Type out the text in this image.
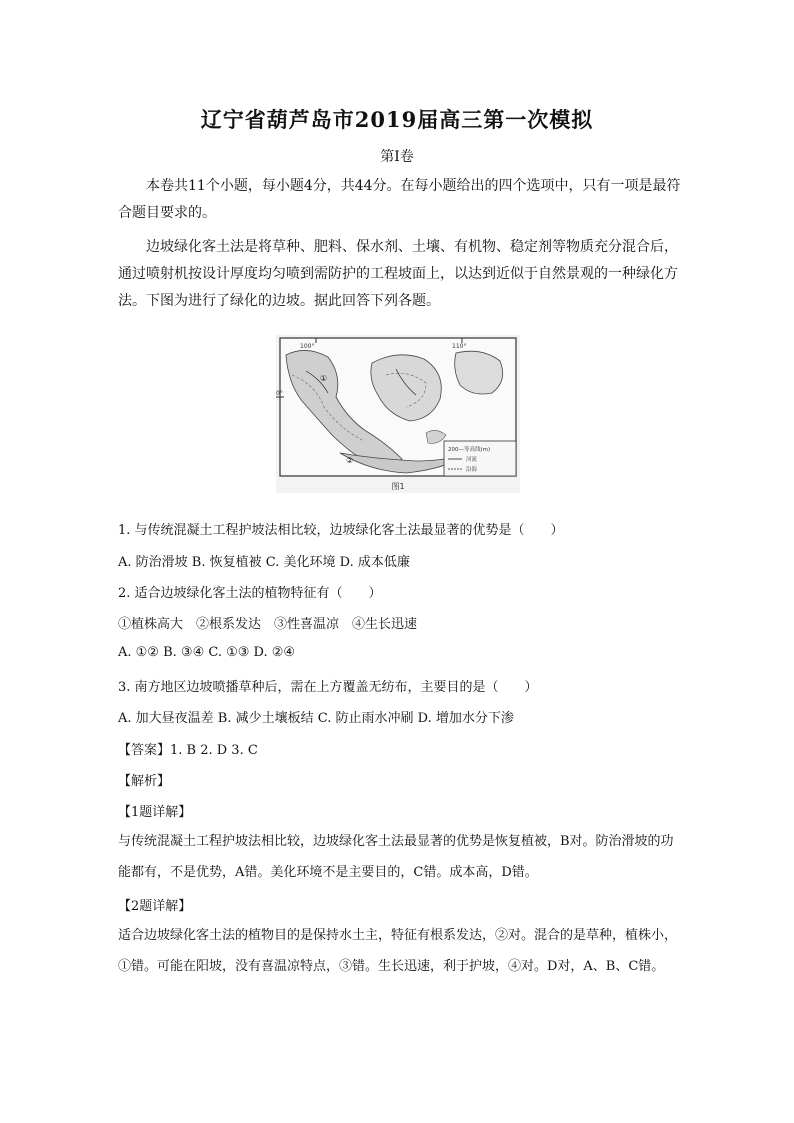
辽宁省葫芦岛市2019届高三第一次模拟
第Ⅰ卷
本卷共11个小题，每小题4分，共44分。在每小题给出的四个选项中，只有一项是最符合题目要求的。
边坡绿化客土法是将草种、肥料、保水剂、土壤、有机物、稳定剂等物质充分混合后，通过喷射机按设计厚度均匀喷到需防护的工程坡面上，以达到近似于自然景观的一种绿化方法。下图为进行了绿化的边坡。据此回答下列各题。
100°	110°
0°
①
②
200—等高线(m)
河流
沿海
图1
1. 与传统混凝土工程护坡法相比较，边坡绿化客土法最显著的优势是（　　）
A. 防治滑坡 B. 恢复植被 C. 美化环境 D. 成本低廉
2. 适合边坡绿化客土法的植物特征有（　　）
①植株高大　②根系发达　③性喜温凉　④生长迅速
A. ①② B. ③④ C. ①③ D. ②④
3. 南方地区边坡喷播草种后，需在上方覆盖无纺布，主要目的是（　　）
A. 加大昼夜温差 B. 减少土壤板结 C. 防止雨水冲刷 D. 增加水分下渗
【答案】1. B 2. D 3. C
【解析】
【1题详解】
与传统混凝土工程护坡法相比较，边坡绿化客土法最显著的优势是恢复植被，B对。防治滑坡的功能都有，不是优势，A错。美化环境不是主要目的，C错。成本高，D错。
【2题详解】
适合边坡绿化客土法的植物目的是保持水土主，特征有根系发达，②对。混合的是草种，植株小，①错。可能在阳坡，没有喜温凉特点，③错。生长迅速，利于护坡，④对。D对，A、B、C错。
